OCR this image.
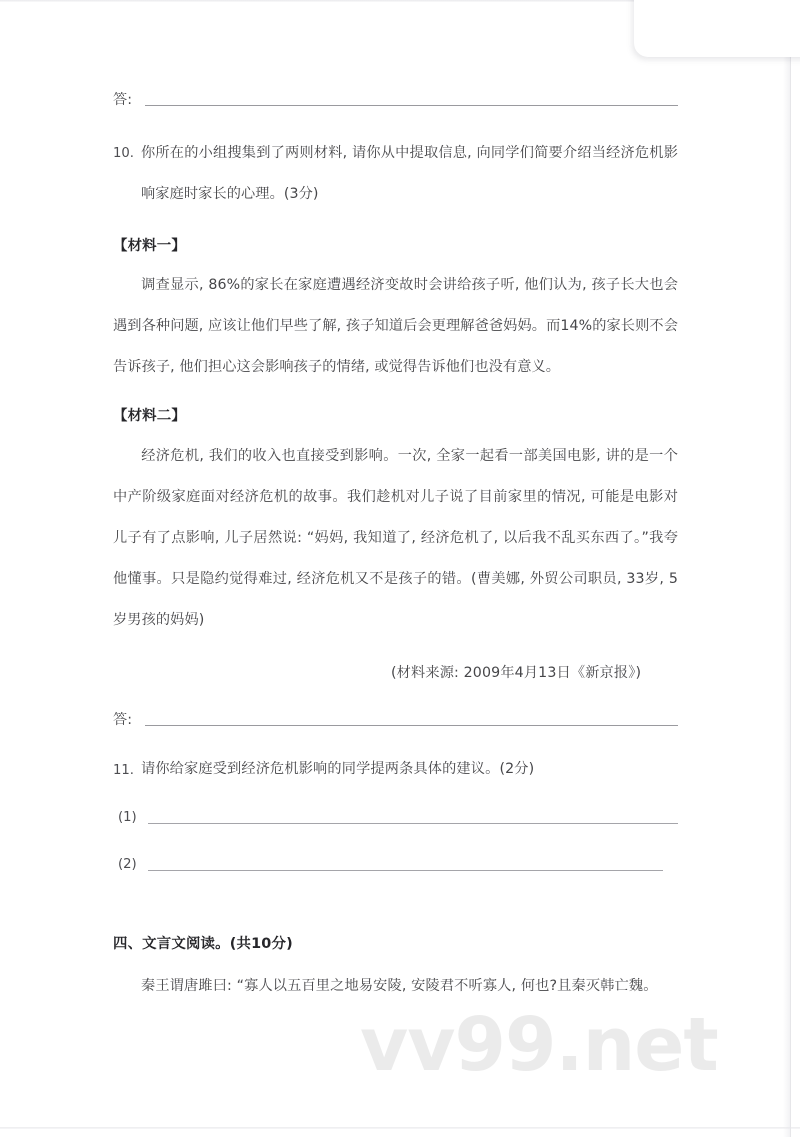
答:
10. 你所在的小组搜集到了两则材料, 请你从中提取信息, 向同学们简要介绍当经济危机影响家庭时家长的心理。(3分)
【材料一】
调查显示, 86%的家长在家庭遭遇经济变故时会讲给孩子听, 他们认为, 孩子长大也会遇到各种问题, 应该让他们早些了解, 孩子知道后会更理解爸爸妈妈。而14%的家长则不会告诉孩子, 他们担心这会影响孩子的情绪, 或觉得告诉他们也没有意义。
【材料二】
经济危机, 我们的收入也直接受到影响。一次, 全家一起看一部美国电影, 讲的是一个中产阶级家庭面对经济危机的故事。我们趁机对儿子说了目前家里的情况, 可能是电影对儿子有了点影响, 儿子居然说: “妈妈, 我知道了, 经济危机了, 以后我不乱买东西了。”我夸他懂事。只是隐约觉得难过, 经济危机又不是孩子的错。(曹美娜, 外贸公司职员, 33岁, 5岁男孩的妈妈)
(材料来源: 2009年4月13日《新京报》)
答:
11. 请你给家庭受到经济危机影响的同学提两条具体的建议。(2分)
(1)
(2)
四、文言文阅读。(共10分)
秦王谓唐雎曰: “寡人以五百里之地易安陵, 安陵君不听寡人, 何也?且秦灭韩亡魏。
vv99.net
